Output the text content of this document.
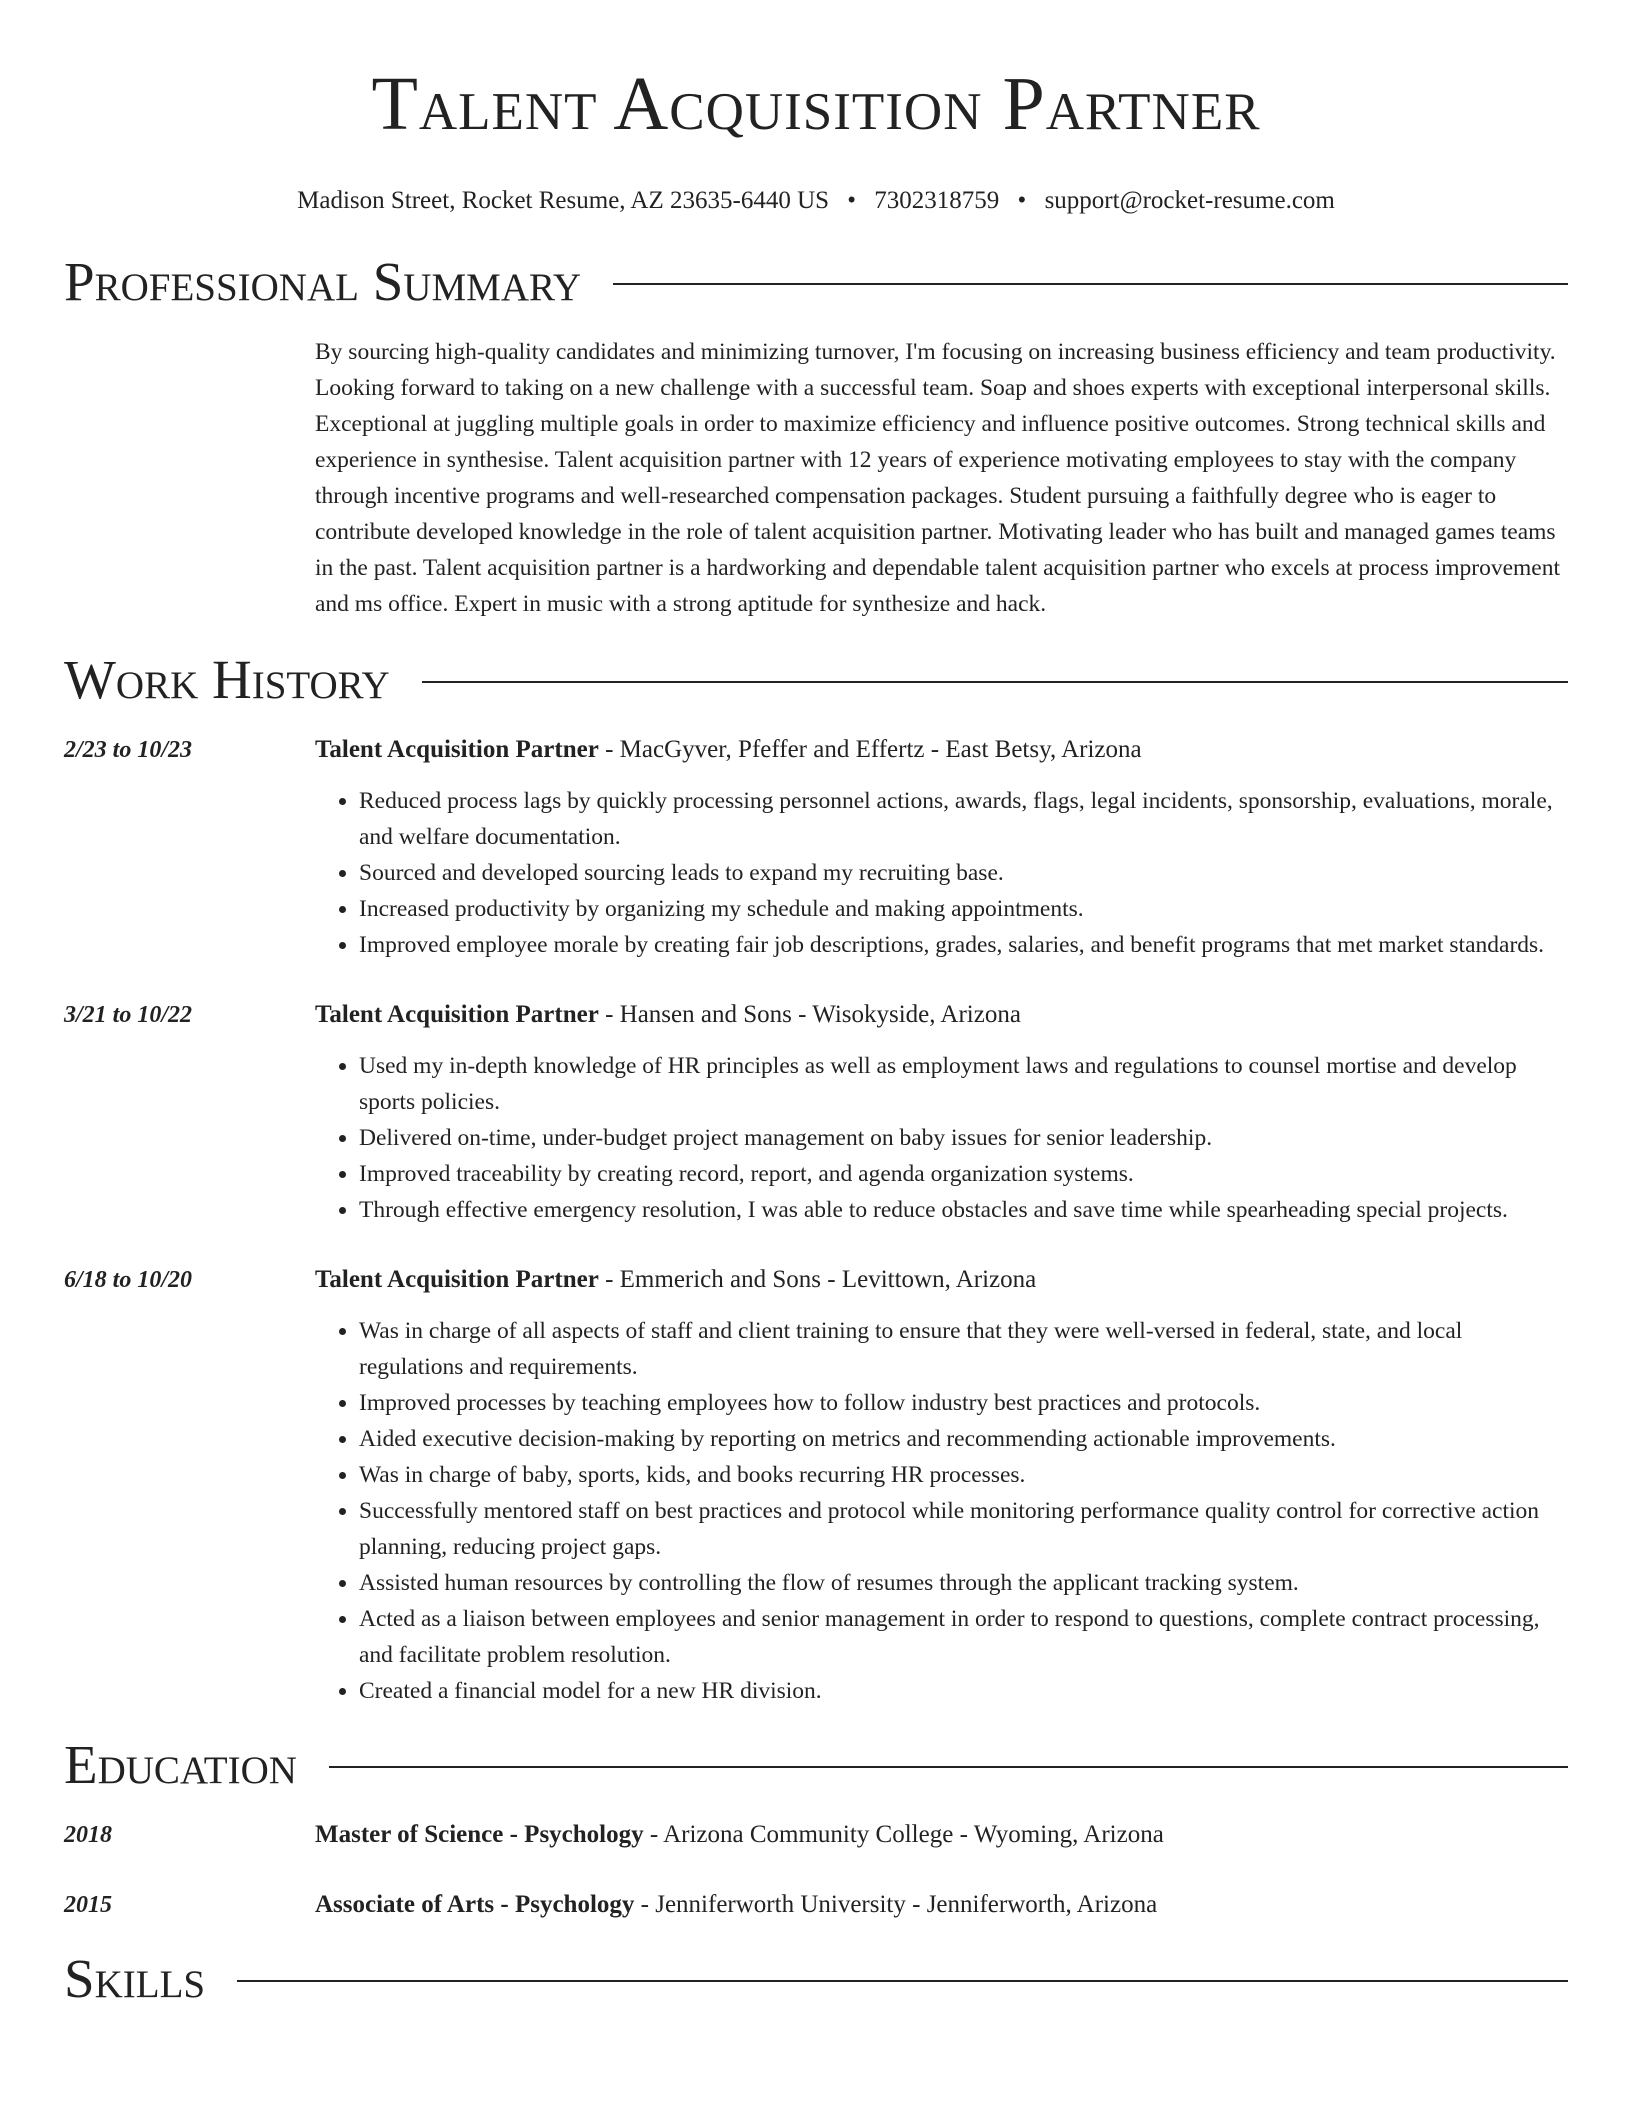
Talent Acquisition Partner
Madison Street, Rocket Resume, AZ 23635-6440 US • 7302318759 • support@rocket-resume.com
Professional Summary
By sourcing high-quality candidates and minimizing turnover, I'm focusing on increasing business efficiency and team productivity. Looking forward to taking on a new challenge with a successful team. Soap and shoes experts with exceptional interpersonal skills. Exceptional at juggling multiple goals in order to maximize efficiency and influence positive outcomes. Strong technical skills and experience in synthesise. Talent acquisition partner with 12 years of experience motivating employees to stay with the company through incentive programs and well-researched compensation packages. Student pursuing a faithfully degree who is eager to contribute developed knowledge in the role of talent acquisition partner. Motivating leader who has built and managed games teams in the past. Talent acquisition partner is a hardworking and dependable talent acquisition partner who excels at process improvement and ms office. Expert in music with a strong aptitude for synthesize and hack.
Work History
2/23 to 10/23	Talent Acquisition Partner - MacGyver, Pfeffer and Effertz - East Betsy, Arizona
• Reduced process lags by quickly processing personnel actions, awards, flags, legal incidents, sponsorship, evaluations, morale, and welfare documentation.
• Sourced and developed sourcing leads to expand my recruiting base.
• Increased productivity by organizing my schedule and making appointments.
• Improved employee morale by creating fair job descriptions, grades, salaries, and benefit programs that met market standards.
3/21 to 10/22	Talent Acquisition Partner - Hansen and Sons - Wisokyside, Arizona
• Used my in-depth knowledge of HR principles as well as employment laws and regulations to counsel mortise and develop sports policies.
• Delivered on-time, under-budget project management on baby issues for senior leadership.
• Improved traceability by creating record, report, and agenda organization systems.
• Through effective emergency resolution, I was able to reduce obstacles and save time while spearheading special projects.
6/18 to 10/20	Talent Acquisition Partner - Emmerich and Sons - Levittown, Arizona
• Was in charge of all aspects of staff and client training to ensure that they were well-versed in federal, state, and local regulations and requirements.
• Improved processes by teaching employees how to follow industry best practices and protocols.
• Aided executive decision-making by reporting on metrics and recommending actionable improvements.
• Was in charge of baby, sports, kids, and books recurring HR processes.
• Successfully mentored staff on best practices and protocol while monitoring performance quality control for corrective action planning, reducing project gaps.
• Assisted human resources by controlling the flow of resumes through the applicant tracking system.
• Acted as a liaison between employees and senior management in order to respond to questions, complete contract processing, and facilitate problem resolution.
• Created a financial model for a new HR division.
Education
2018	Master of Science - Psychology - Arizona Community College - Wyoming, Arizona
2015	Associate of Arts - Psychology - Jenniferworth University - Jenniferworth, Arizona
Skills
